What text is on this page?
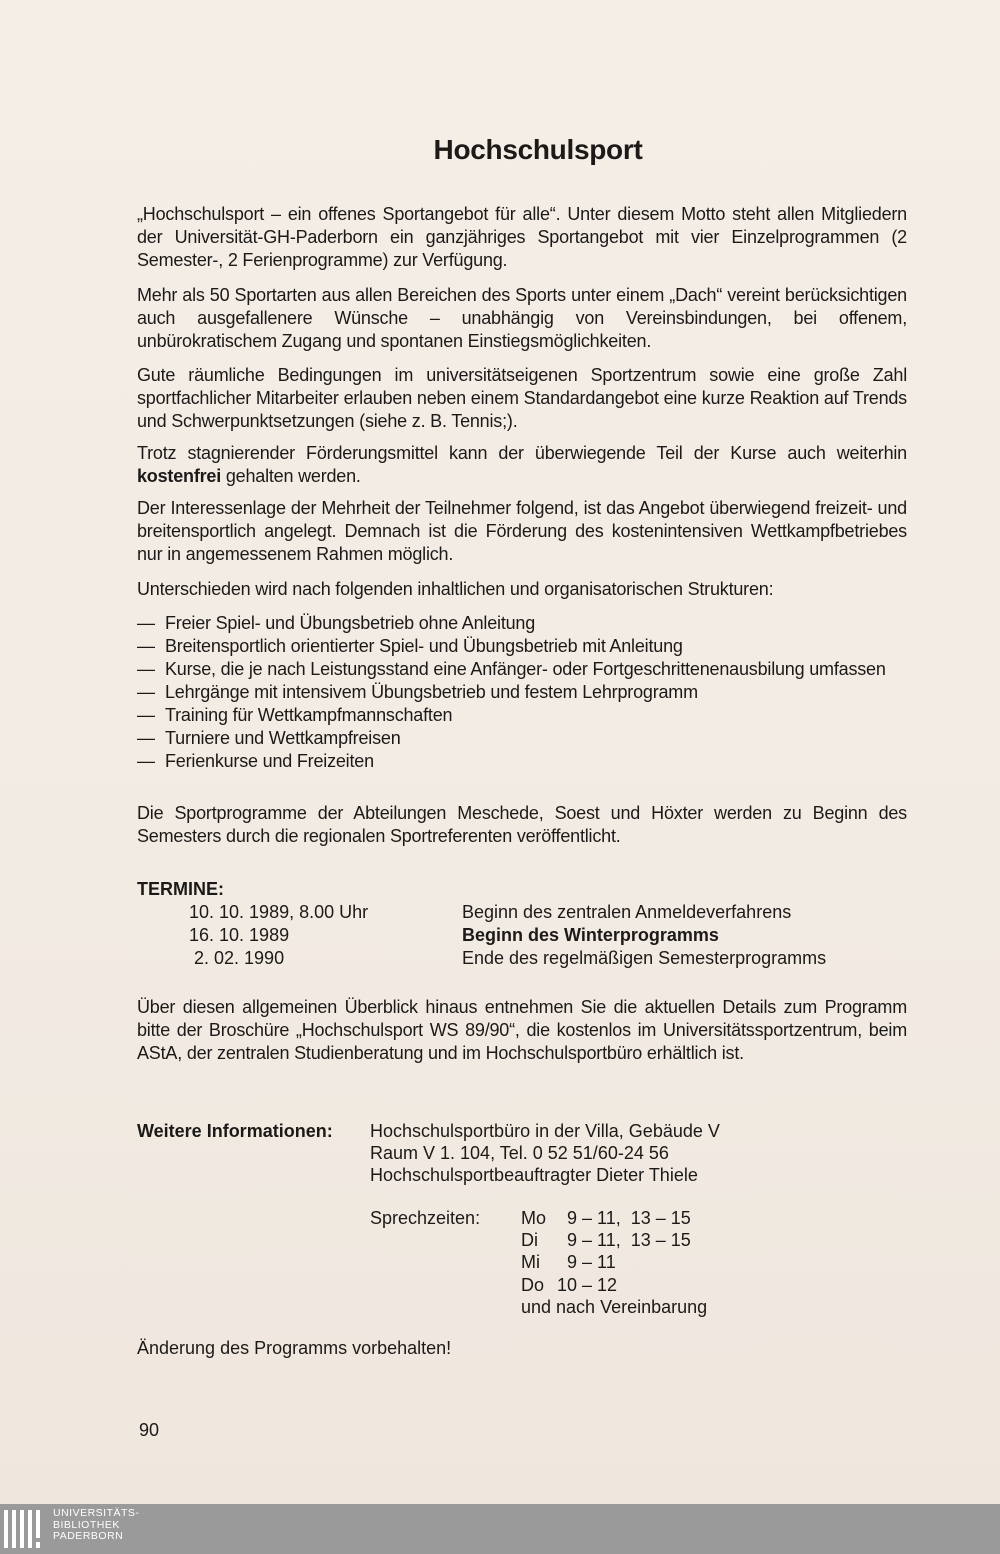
Hochschulsport
„Hochschulsport – ein offenes Sportangebot für alle“. Unter diesem Motto steht allen Mitgliedern der Universität-GH-Paderborn ein ganzjähriges Sportangebot mit vier Einzelprogrammen (2 Semester-, 2 Ferienprogramme) zur Verfügung.
Mehr als 50 Sportarten aus allen Bereichen des Sports unter einem „Dach“ vereint berücksichtigen auch ausgefallenere Wünsche – unabhängig von Vereinsbindungen, bei offenem, unbürokratischem Zugang und spontanen Einstiegsmöglichkeiten.
Gute räumliche Bedingungen im universitätseigenen Sportzentrum sowie eine große Zahl sportfachlicher Mitarbeiter erlauben neben einem Standardangebot eine kurze Reaktion auf Trends und Schwerpunktsetzungen (siehe z. B. Tennis;).
Trotz stagnierender Förderungsmittel kann der überwiegende Teil der Kurse auch weiterhin kostenfrei gehalten werden.
Der Interessenlage der Mehrheit der Teilnehmer folgend, ist das Angebot überwiegend freizeit- und breitensportlich angelegt. Demnach ist die Förderung des kostenintensiven Wettkampfbetriebes nur in angemessenem Rahmen möglich.
Unterschieden wird nach folgenden inhaltlichen und organisatorischen Strukturen:
— Freier Spiel- und Übungsbetrieb ohne Anleitung
— Breitensportlich orientierter Spiel- und Übungsbetrieb mit Anleitung
— Kurse, die je nach Leistungsstand eine Anfänger- oder Fortgeschrittenenausbilung umfassen
— Lehrgänge mit intensivem Übungsbetrieb und festem Lehrprogramm
— Training für Wettkampfmannschaften
— Turniere und Wettkampfreisen
— Ferienkurse und Freizeiten
Die Sportprogramme der Abteilungen Meschede, Soest und Höxter werden zu Beginn des Semesters durch die regionalen Sportreferenten veröffentlicht.
TERMINE:
10. 10. 1989, 8.00 Uhr	Beginn des zentralen Anmeldeverfahrens
16. 10. 1989	Beginn des Winterprogramms
2. 02. 1990	Ende des regelmäßigen Semesterprogramms
Über diesen allgemeinen Überblick hinaus entnehmen Sie die aktuellen Details zum Programm bitte der Broschüre „Hochschulsport WS 89/90“, die kostenlos im Universitätssportzentrum, beim AStA, der zentralen Studienberatung und im Hochschulsportbüro erhältlich ist.
Weitere Informationen: Hochschulsportbüro in der Villa, Gebäude V
Raum V 1. 104, Tel. 0 52 51/60-24 56
Hochschulsportbeauftragter Dieter Thiele
Sprechzeiten: Mo 9 – 11,  13 – 15
Di 9 – 11,  13 – 15
Mi 9 – 11
Do 10 – 12
und nach Vereinbarung
Änderung des Programms vorbehalten!
90
UNIVERSITÄTS-
BIBLIOTHEK
PADERBORN
